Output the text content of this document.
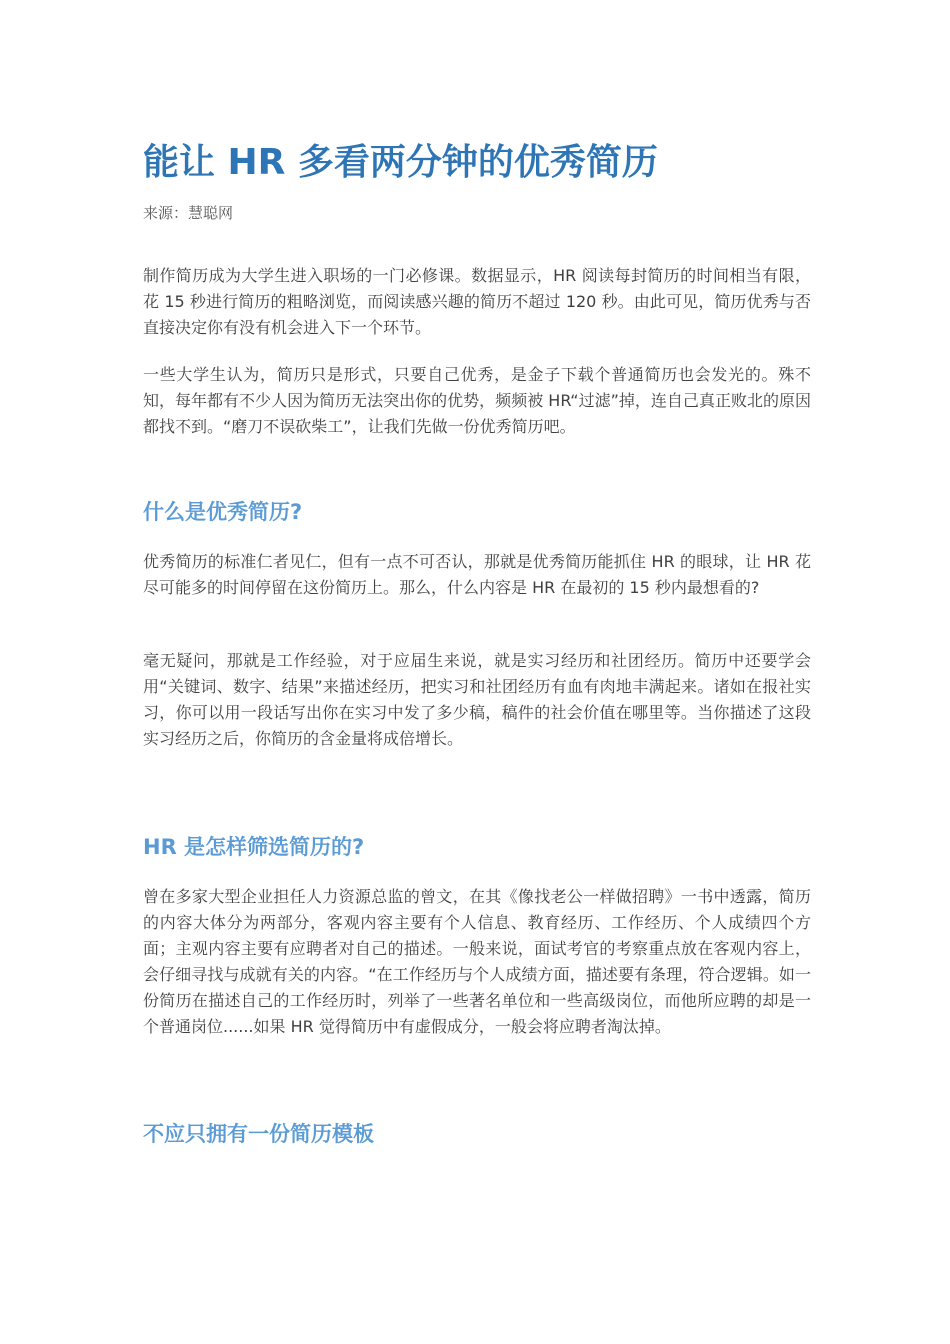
能让 HR 多看两分钟的优秀简历

来源：慧聪网

制作简历成为大学生进入职场的一门必修课。数据显示，HR 阅读每封简历的时间相当有限，花 15 秒进行简历的粗略浏览，而阅读感兴趣的简历不超过 120 秒。由此可见，简历优秀与否直接决定你有没有机会进入下一个环节。

一些大学生认为，简历只是形式，只要自己优秀，是金子下载个普通简历也会发光的。殊不知，每年都有不少人因为简历无法突出你的优势，频频被 HR“过滤”掉，连自己真正败北的原因都找不到。“磨刀不误砍柴工”，让我们先做一份优秀简历吧。

什么是优秀简历?

优秀简历的标准仁者见仁，但有一点不可否认，那就是优秀简历能抓住 HR 的眼球，让 HR 花尽可能多的时间停留在这份简历上。那么，什么内容是 HR 在最初的 15 秒内最想看的?

毫无疑问，那就是工作经验，对于应届生来说，就是实习经历和社团经历。简历中还要学会用“关键词、数字、结果”来描述经历，把实习和社团经历有血有肉地丰满起来。诸如在报社实习，你可以用一段话写出你在实习中发了多少稿，稿件的社会价值在哪里等。当你描述了这段实习经历之后，你简历的含金量将成倍增长。

HR 是怎样筛选简历的?

曾在多家大型企业担任人力资源总监的曾文，在其《像找老公一样做招聘》一书中透露，简历的内容大体分为两部分，客观内容主要有个人信息、教育经历、工作经历、个人成绩四个方面；主观内容主要有应聘者对自己的描述。一般来说，面试考官的考察重点放在客观内容上，会仔细寻找与成就有关的内容。“在工作经历与个人成绩方面，描述要有条理，符合逻辑。如一份简历在描述自己的工作经历时，列举了一些著名单位和一些高级岗位，而他所应聘的却是一个普通岗位......如果 HR 觉得简历中有虚假成分，一般会将应聘者淘汰掉。

不应只拥有一份简历模板
